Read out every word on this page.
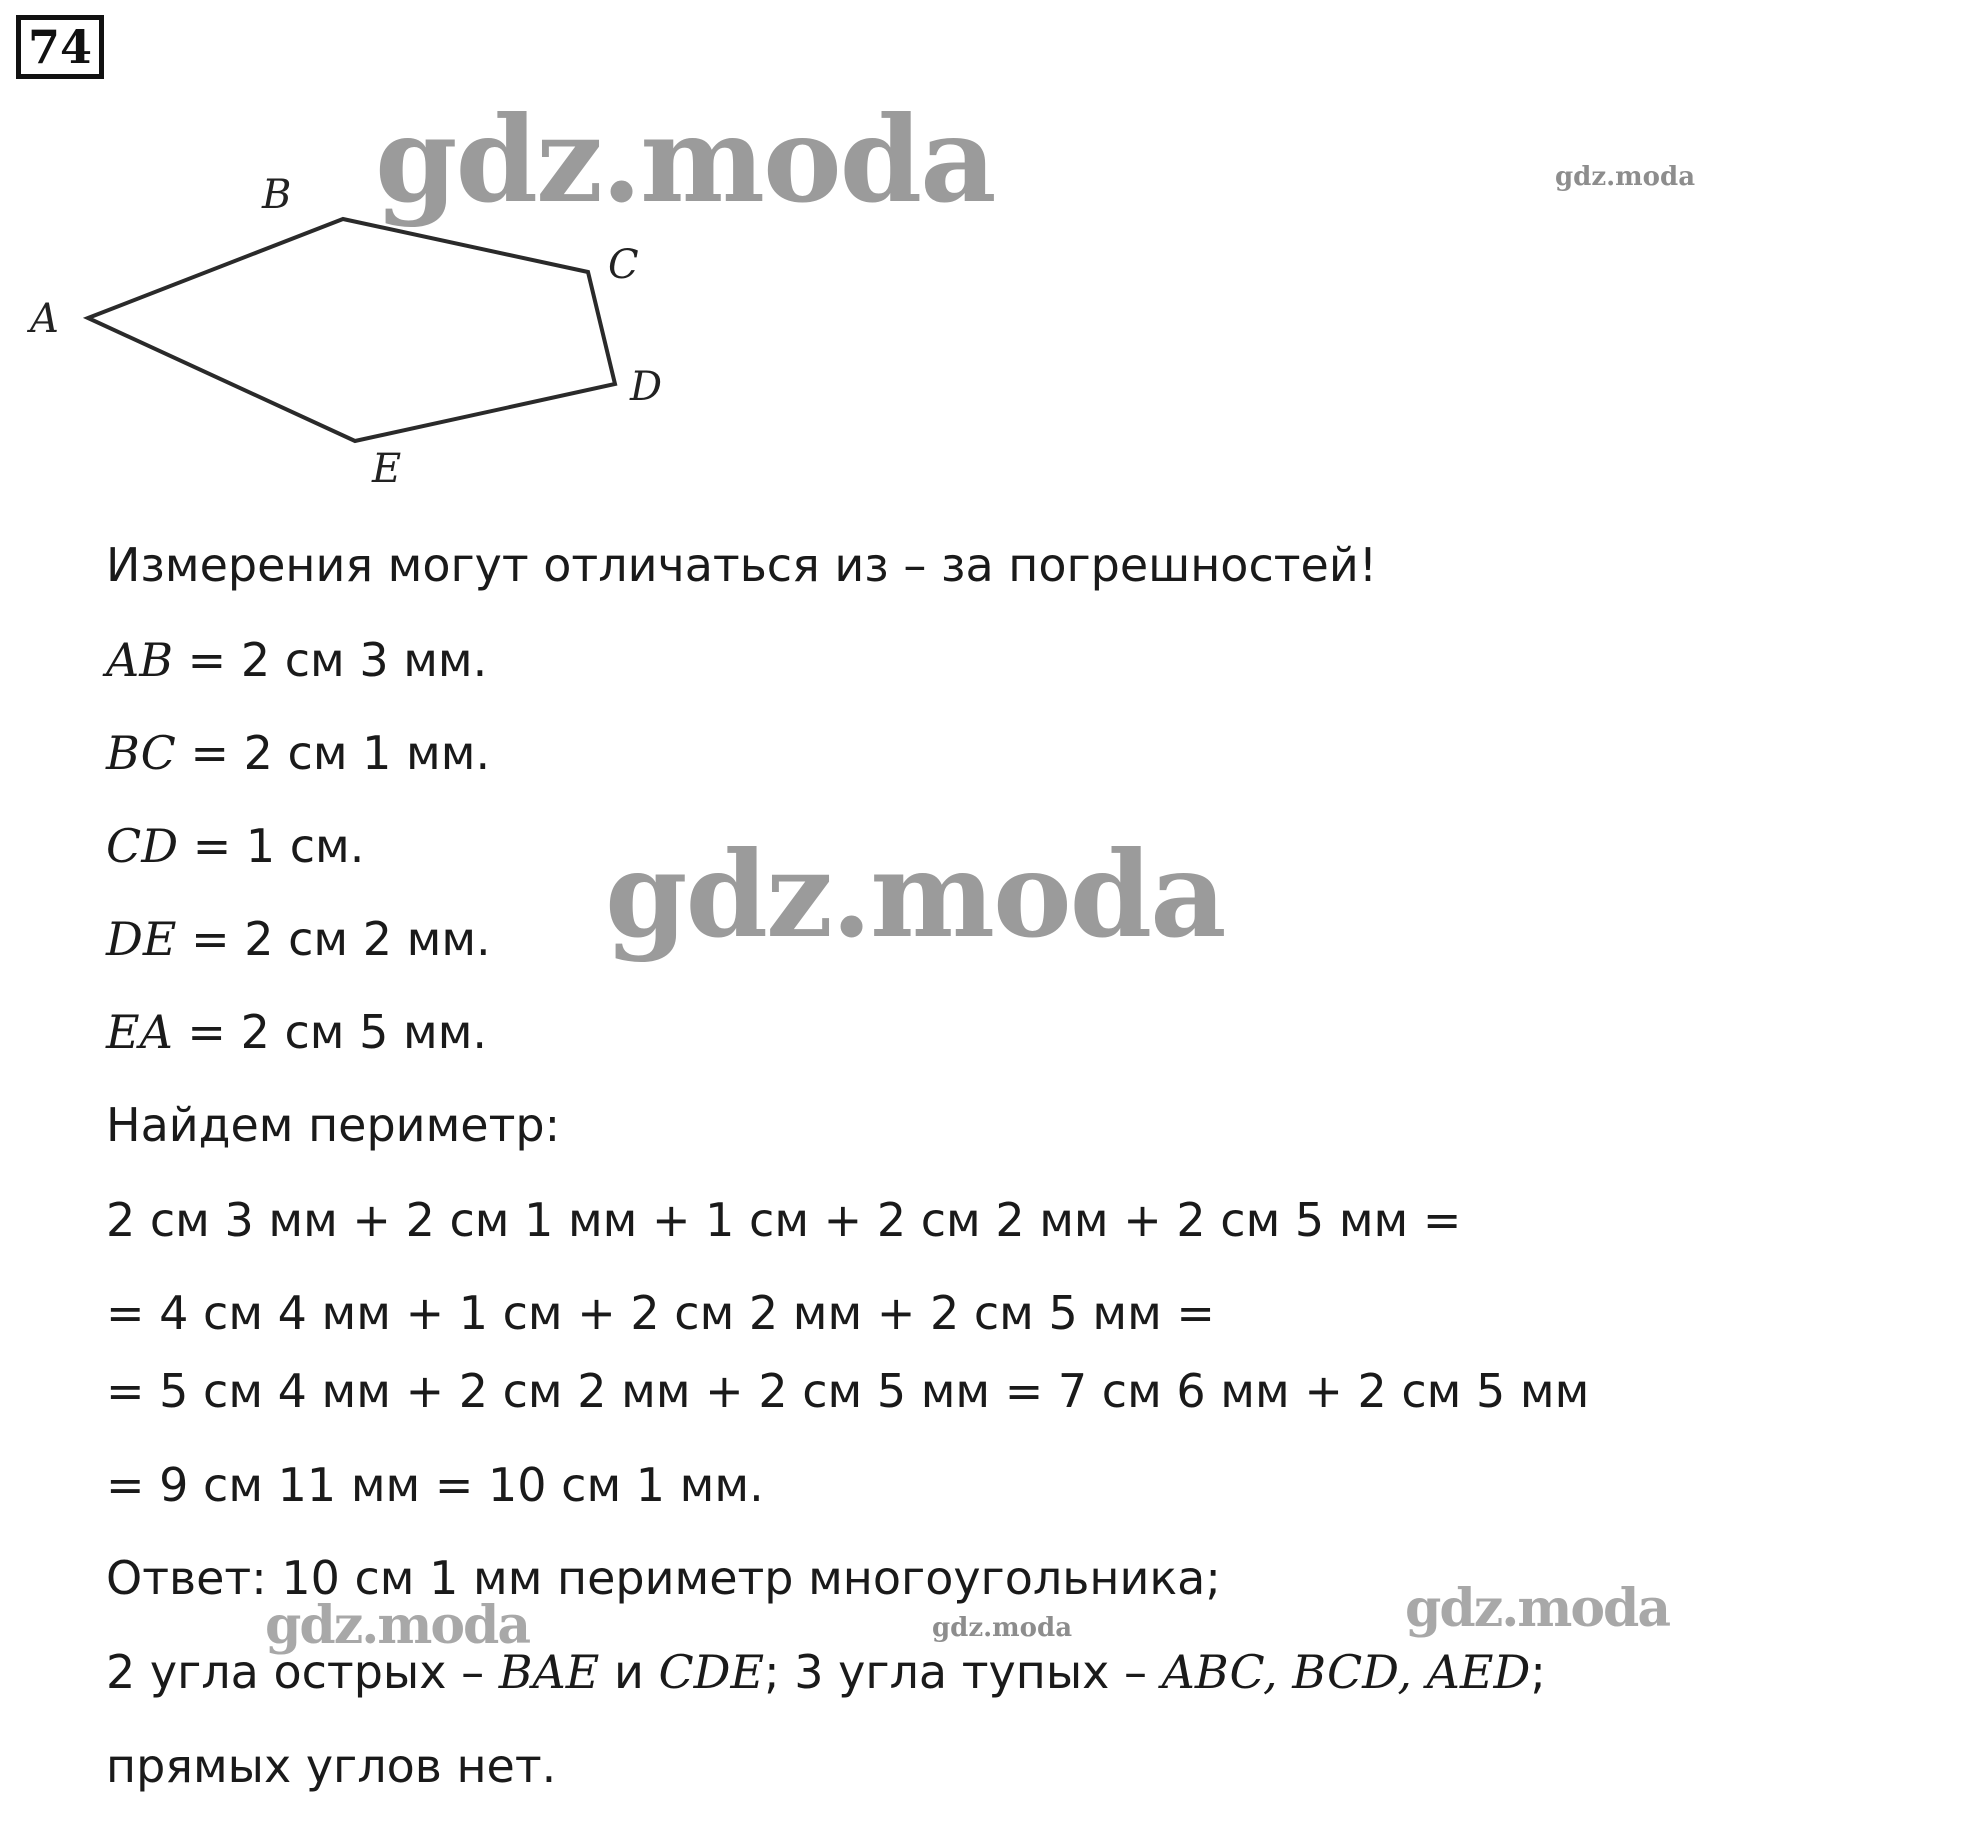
74
A
B
C
D
E
gdz.moda	gdz.moda
Измерения могут отличаться из – за погрешностей!
AB = 2 см 3 мм.
BC = 2 см 1 мм.
CD = 1 см.
DE = 2 см 2 мм.
EA = 2 см 5 мм.
gdz.moda
Найдем периметр:
2 см 3 мм + 2 см 1 мм + 1 см + 2 см 2 мм + 2 см 5 мм =
= 4 см 4 мм + 1 см + 2 см 2 мм + 2 см 5 мм =
= 5 см 4 мм + 2 см 2 мм + 2 см 5 мм = 7 см 6 мм + 2 см 5 мм
= 9 см 11 мм = 10 см 1 мм.
Ответ: 10 см 1 мм периметр многоугольника;
gdz.moda	gdz.moda	gdz.moda
2 угла острых – BAE и CDE; 3 угла тупых – ABC, BCD, AED;
прямых углов нет.
